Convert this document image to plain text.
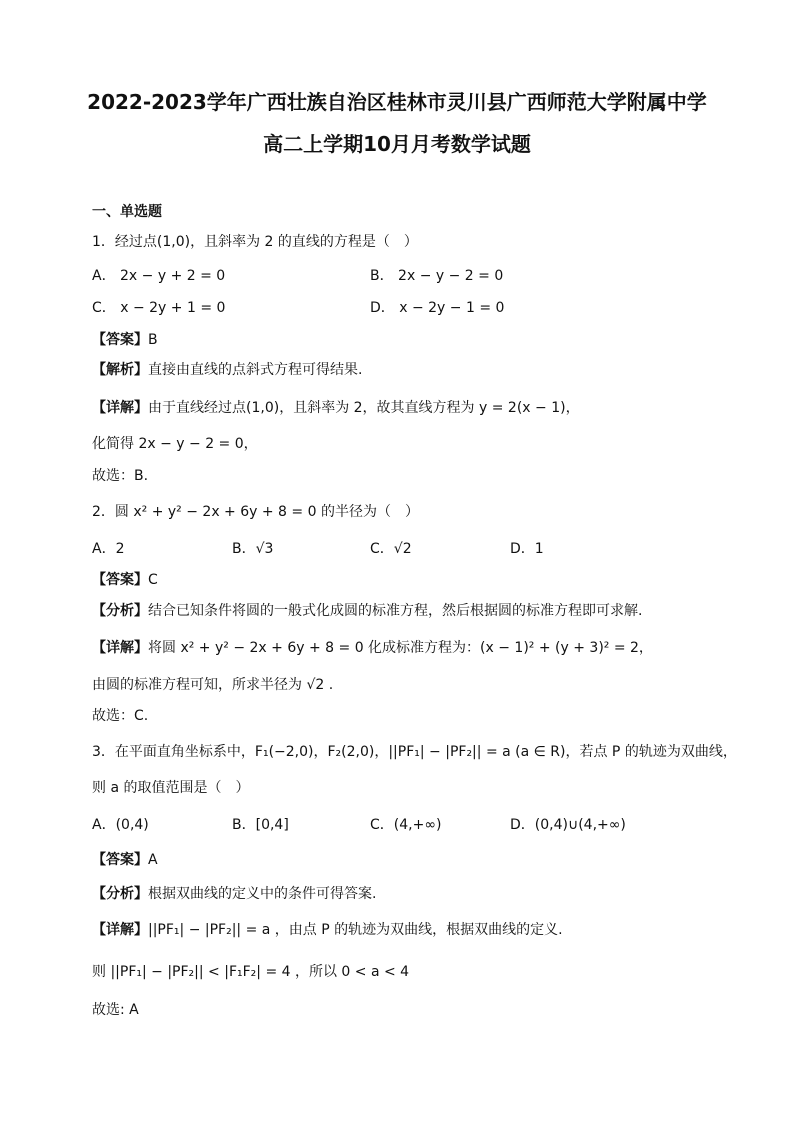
2022-2023学年广西壮族自治区桂林市灵川县广西师范大学附属中学
高二上学期10月月考数学试题
一、单选题
1．经过点(1,0)，且斜率为 2 的直线的方程是（　）
A． 2x − y + 2 = 0	B． 2x − y − 2 = 0
C． x − 2y + 1 = 0	D． x − 2y − 1 = 0
【答案】B
【解析】直接由直线的点斜式方程可得结果.
【详解】由于直线经过点(1,0)，且斜率为 2，故其直线方程为 y = 2(x − 1)，
化简得 2x − y − 2 = 0，
故选：B.
2．圆 x² + y² − 2x + 6y + 8 = 0 的半径为（　）
A．2	B．√3	C．√2	D．1
【答案】C
【分析】结合已知条件将圆的一般式化成圆的标准方程，然后根据圆的标准方程即可求解.
【详解】将圆 x² + y² − 2x + 6y + 8 = 0 化成标准方程为：(x − 1)² + (y + 3)² = 2，
由圆的标准方程可知，所求半径为 √2 .
故选：C.
3．在平面直角坐标系中，F₁(−2,0)，F₂(2,0)，||PF₁| − |PF₂|| = a (a ∈ R)，若点 P 的轨迹为双曲线，
则 a 的取值范围是（　）
A．(0,4)	B．[0,4]	C．(4,+∞)	D．(0,4)∪(4,+∞)
【答案】A
【分析】根据双曲线的定义中的条件可得答案.
【详解】||PF₁| − |PF₂|| = a ，由点 P 的轨迹为双曲线，根据双曲线的定义.
则 ||PF₁| − |PF₂|| < |F₁F₂| = 4 ，所以 0 < a < 4
故选: A
